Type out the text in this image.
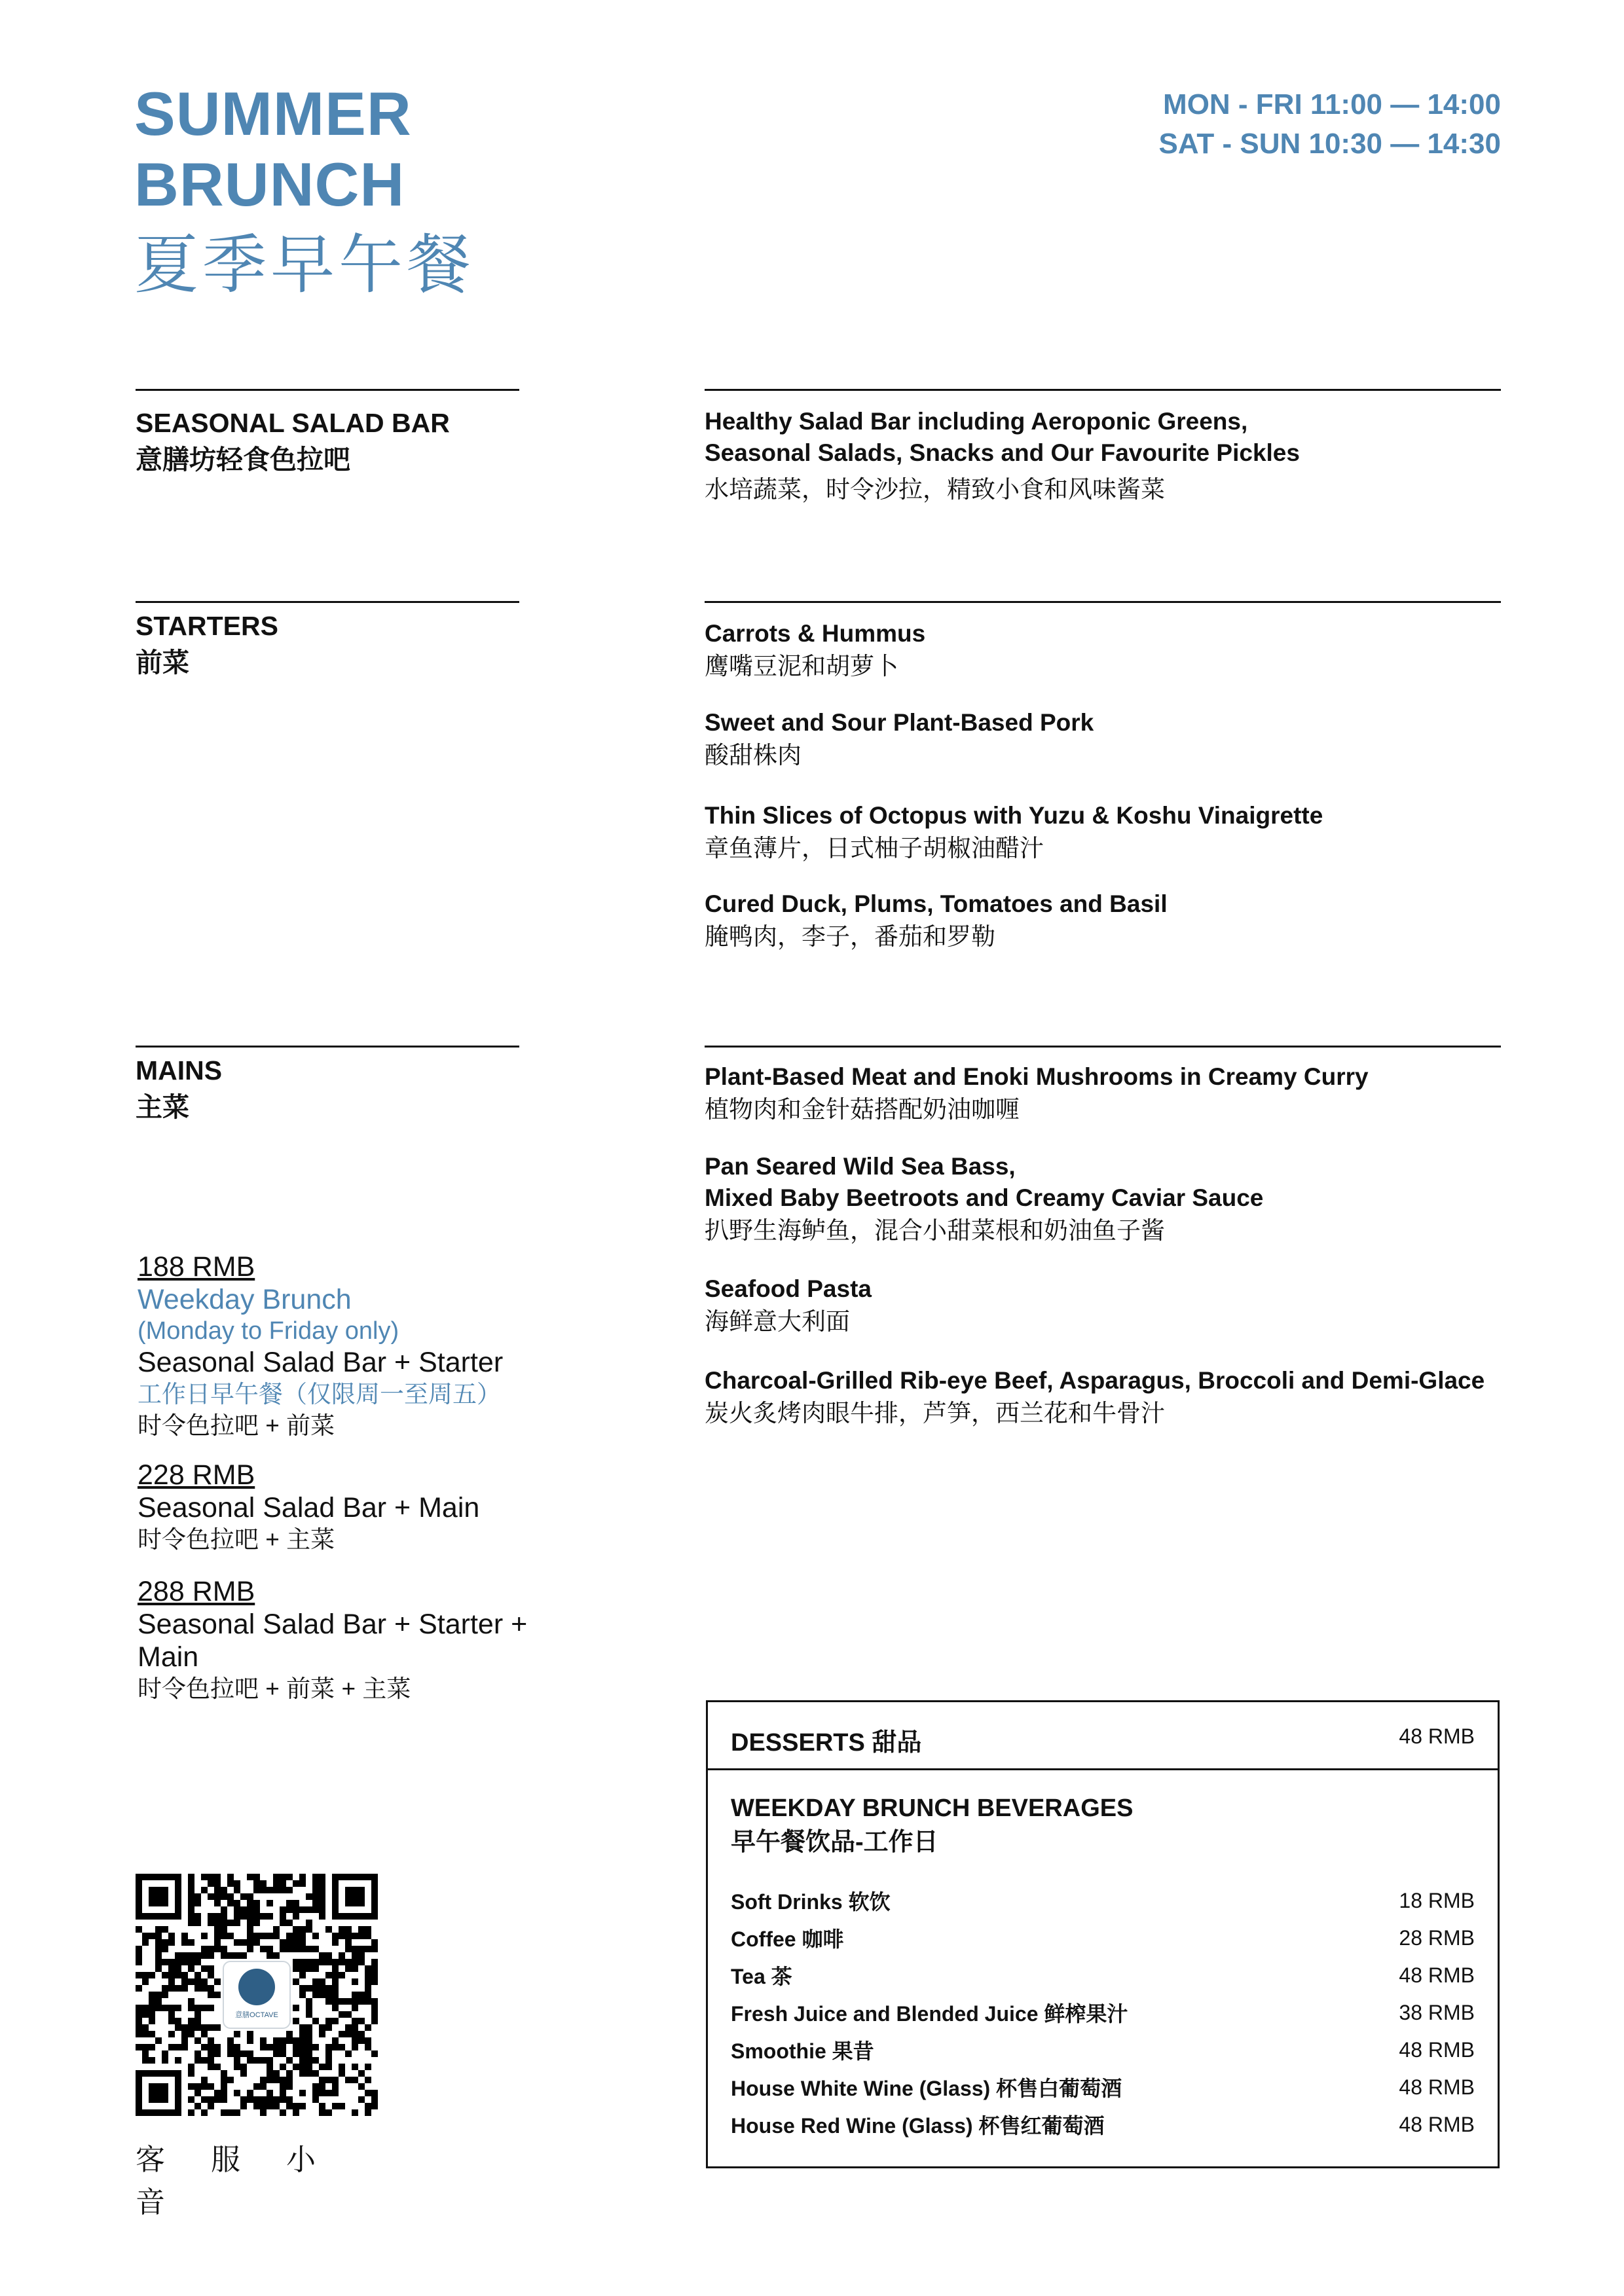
SUMMER
BRUNCH
夏季早午餐
MON - FRI 11:00 — 14:00
SAT - SUN 10:30 — 14:30
SEASONAL SALAD BAR
意膳坊轻食色拉吧
Healthy Salad Bar including Aeroponic Greens,
Seasonal Salads, Snacks and Our Favourite Pickles
水培蔬菜，时令沙拉，精致小食和风味酱菜
STARTERS
前菜
Carrots & Hummus
鹰嘴豆泥和胡萝卜
Sweet and Sour Plant-Based Pork
酸甜株肉
Thin Slices of Octopus with Yuzu & Koshu Vinaigrette
章鱼薄片，日式柚子胡椒油醋汁
Cured Duck, Plums, Tomatoes and Basil
腌鸭肉，李子，番茄和罗勒
MAINS
主菜
Plant-Based Meat and Enoki Mushrooms in Creamy Curry
植物肉和金针菇搭配奶油咖喱
Pan Seared Wild Sea Bass,
Mixed Baby Beetroots and Creamy Caviar Sauce
扒野生海鲈鱼，混合小甜菜根和奶油鱼子酱
Seafood Pasta
海鲜意大利面
Charcoal-Grilled Rib-eye Beef, Asparagus, Broccoli and Demi-Glace
炭火炙烤肉眼牛排，芦笋，西兰花和牛骨汁
188 RMB
Weekday Brunch
(Monday to Friday only)
Seasonal Salad Bar + Starter
工作日早午餐（仅限周一至周五）
时令色拉吧 + 前菜
228 RMB
Seasonal Salad Bar + Main
时令色拉吧 + 主菜
288 RMB
Seasonal Salad Bar + Starter + Main
时令色拉吧 + 前菜 + 主菜
DESSERTS 甜品	48 RMB
WEEKDAY BRUNCH BEVERAGES
早午餐饮品-工作日
Soft Drinks 软饮	18 RMB
Coffee 咖啡	28 RMB
Tea 茶	48 RMB
Fresh Juice and Blended Juice 鲜榨果汁	38 RMB
Smoothie 果昔	48 RMB
House White Wine (Glass) 杯售白葡萄酒	48 RMB
House Red Wine (Glass) 杯售红葡萄酒	48 RMB
意膳OCTAVE
客服小音
